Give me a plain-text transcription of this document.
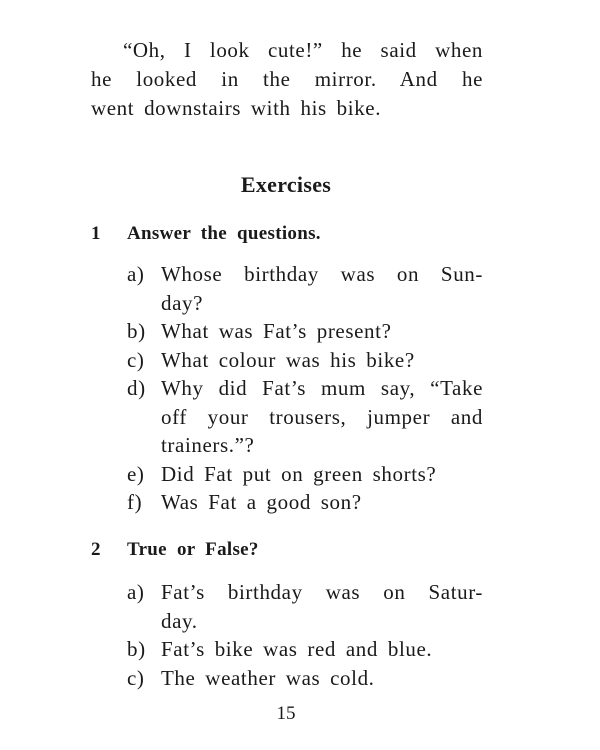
“Oh, I look cute!” he said when
he looked in the mirror. And he
went downstairs with his bike.
Exercises
1 Answer the questions.
a) Whose birthday was on Sun-
day?
b) What was Fat’s present?
c) What colour was his bike?
d) Why did Fat’s mum say, “Take
off your trousers, jumper and
trainers.”?
e) Did Fat put on green shorts?
f) Was Fat a good son?
2 True or False?
a) Fat’s birthday was on Satur-
day.
b) Fat’s bike was red and blue.
c) The weather was cold.
15
